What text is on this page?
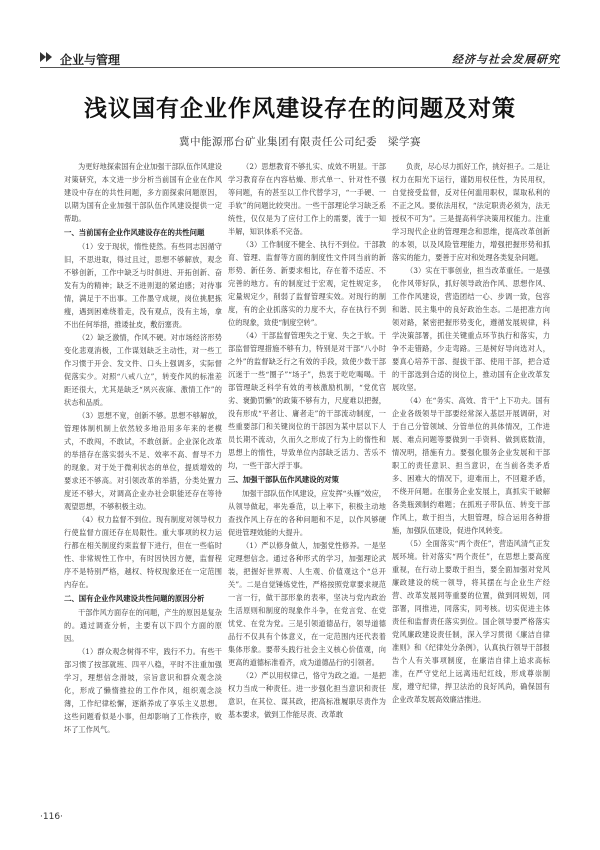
企业与管理	经济与社会发展研究
浅议国有企业作风建设存在的问题及对策
冀中能源邢台矿业集团有限责任公司纪委　梁学赛

为更好地探索国有企业加强干部队伍作风建设对策研究，本文进一步分析当前国有企业在作风建设中存在的共性问题，多方面探索问题原因，以期为国有企业加强干部队伍作风建设提供一定帮助。

一、当前国有企业作风建设存在的共性问题

（1）安于现状，惰性使然。有些同志因循守旧，不思进取，得过且过，思想不够解放，观念不够创新，工作中缺乏与时俱进、开拓创新、奋发有为的精神；缺乏不进则退的紧迫感；对待事情，满足于不出事。工作墨守成规，岗位挑肥拣瘦，遇到困难绕着走，没有观点，没有主场，拿不出任何举措，推诿扯皮，敷衍塞责。

（2）缺乏激情，作风不硬。对市场经济形势变化悲观消极，工作谋划缺乏主动性，对一些工作习惯于开会、发文件、口头上强调多，实际督促落实少。对照“八戒八立”，转变作风的标准差距还很大，尤其是缺乏“夙兴夜寐、激情工作”的状态和品质。

（3）思想不宽，创新不够。思想不够解放，管理体制机制上依然较多地沿用多年来的老模式，不敢闯，不敢试，不敢创新。企业深化改革的举措存在落实弱头不足、效率不高、督导不力的现象。对于处于微利状态的单位，提质增效的要求还不够高。对引领改革的举措，分类处置力度还不够大，对调高企业办社会职能还存在等待观望思想，不够积极主动。

（4）权力监督不到位。现有制度对领导权力行使监督方面还存在局限性。重大事项的权力运行都在相关制度约束监督下进行，但在一些临时性、非常规性工作中，有时因快因方便，监督程序不是特别严格，越权、特权现象还在一定范围内存在。

二、国有企业作风建设共性问题的原因分析

干部作风方面存在的问题，产生的原因是复杂的。通过调查分析，主要有以下四个方面的原因。

（1）群众观念树得不牢，践行不力。有些干部习惯了按部就班、四平八稳，平时不注重加强学习，理想信念滑坡，宗旨意识和群众观念淡化，形成了懒惰推拉的工作作风，组织观念淡薄，工作纪律松懈，逐渐养成了享乐主义思想。这些问题看似是小事，但却影响了工作秩序，败坏了工作风气。

（2）思想教育不够扎实、成效不明显。干部学习教育存在内容枯燥、形式单一、针对性不强等问题，有的甚至以工作代替学习，“一手硬、一手软”的问题比较突出。一些干部理论学习缺乏系统性，仅仅是为了应付工作上的需要，流于一知半解，知识体系不完备。

（3）工作制度不健全、执行不到位。干部教育、管理、监督等方面的制度性文件同当前的新形势、新任务、新要求相比，存在着不适应、不完善的地方。有的制度过于宏观，定性规定多，定量规定少，削弱了监督管理实效。对现行的制度，有的企业抓落实的力度不大，存在执行不到位的现象，致使“制度空转”。

（4）干部监督管理失之于宽、失之于软。干部监督管理措施不够有力，特别是对干部“八小时之外”的监督缺乏行之有效的手段，致使少数干部沉迷于一些“圈子”“场子”，热衷于吃吃喝喝。干部管理缺乏科学有效的考核激励机制，“党优官劣、褒勤罚懒”的政策不够有力，尺度难以把握，没有形成“平者让、庸者走”的干部流动制度，一些重要部门和关键岗位的干部因为某中层以下人员长期不流动，久而久之形成了行为上的惰性和思想上的惰性，导致单位内部缺乏活力、苦乐不均，一些干部大浮于事。

三、加强干部队伍作风建设的对策

加强干部队伍作风建设，应发挥“头雁”效应，从领导做起，率先垂范，以上率下，积极主动地查找作风上存在的各种问题和不足，以作风够硬促进管理效能的大提升。

（1）严以修身做人，加强党性修养。一是坚定理想信念。通过各种形式的学习，加强理论武装，把握好世界观、人生观、价值观这个“总开关”。二是自觉锤炼党性，严格按照党章要求规范一言一行，做干部形象的表率，坚决与党内政治生活原则和制度的现象作斗争，在党言党、在党忧党、在党为党。三是引领道德品行，领导道德品行不仅具有个体意义，在一定范围内还代表着集体形象。要带头践行社会主义核心价值观，向更高的道德标准看齐，成为道德品行的引领者。

（2）严以用权律己，恪守为政之道。一是把权力当成一种责任。进一步强化担当意识和责任意识，在其位、谋其政，把高标准履职尽责作为基本要求，做到工作能尽责、改革敢

负责，尽心尽力抓好工作，挑好担子。二是让权力在阳光下运行，谨防用权任性，为民用权，自觉接受监督，反对任何滥用职权，谋取私利的不正之风。要依法用权，“法定职责必须为，法无授权不可为”。三是提高科学决策用权能力。注重学习现代企业的管理理念和思维，提高改革创新的本领，以及风险管理能力，增强把握形势和抓落实的能力，要善于应对和处理各类复杂问题。

（3）实在干事创业，担当改革重任。一是强化作风带好队，抓好领导政治作风、思想作风、工作作风建设，营造团结一心、步调一致，包容和谐、民主集中的良好政治生态。二是把准方向领对路，紧密把握形势变化，遵循发展规律，科学决策部署，抓住关键重点环节执行和落实，力争不走错路，少走弯路。三是树好导向选对人，要真心培养干部、提拔干部、使用干部，把合适的干部选到合适的岗位上，推动国有企业改革发展攻坚。

（4）在“务实、高效、肯干”上下功夫。国有企业各级领导干部要经常深入基层开展调研，对于自己分管领域、分管单位的具体情况，工作进展、难点问题等要做到一手资料、做到底数清，情况明，措施有力。要强化服务企业发展和干部职工的责任意识、担当意识，在当前各类矛盾多、困难大的情况下，迎难而上，不回避矛盾，不绕开问题。在服务企业发展上，真抓实干破解各类瓶颈制约难题；在抓班子带队伍、转变干部作风上，敢于担当，大胆管理，综合运用各种措施，加强队伍建设，促进作风转变。

（5）全面落实“两个责任”，营造风清气正发展环境。针对落实“两个责任”，在思想上要高度重视，在行动上要敢于担当，要全面加强对党风廉政建设的统一领导，将其摆在与企业生产经营、改革发展同等重要的位置，做到同规划，同部署，同推进，同落实，同考核。切实促进主体责任和监督责任落实到位。国企领导要严格落实党风廉政建设责任制，深入学习贯彻《廉洁自律准则》和《纪律处分条例》，认真执行领导干部报告个人有关事项制度，在廉洁自律上追求高标准，在严守党纪上远离违纪红线，形成尊崇制度，遵守纪律，捍卫法治的良好风尚，确保国有企业改革发展高效廉洁推进。

·116·
